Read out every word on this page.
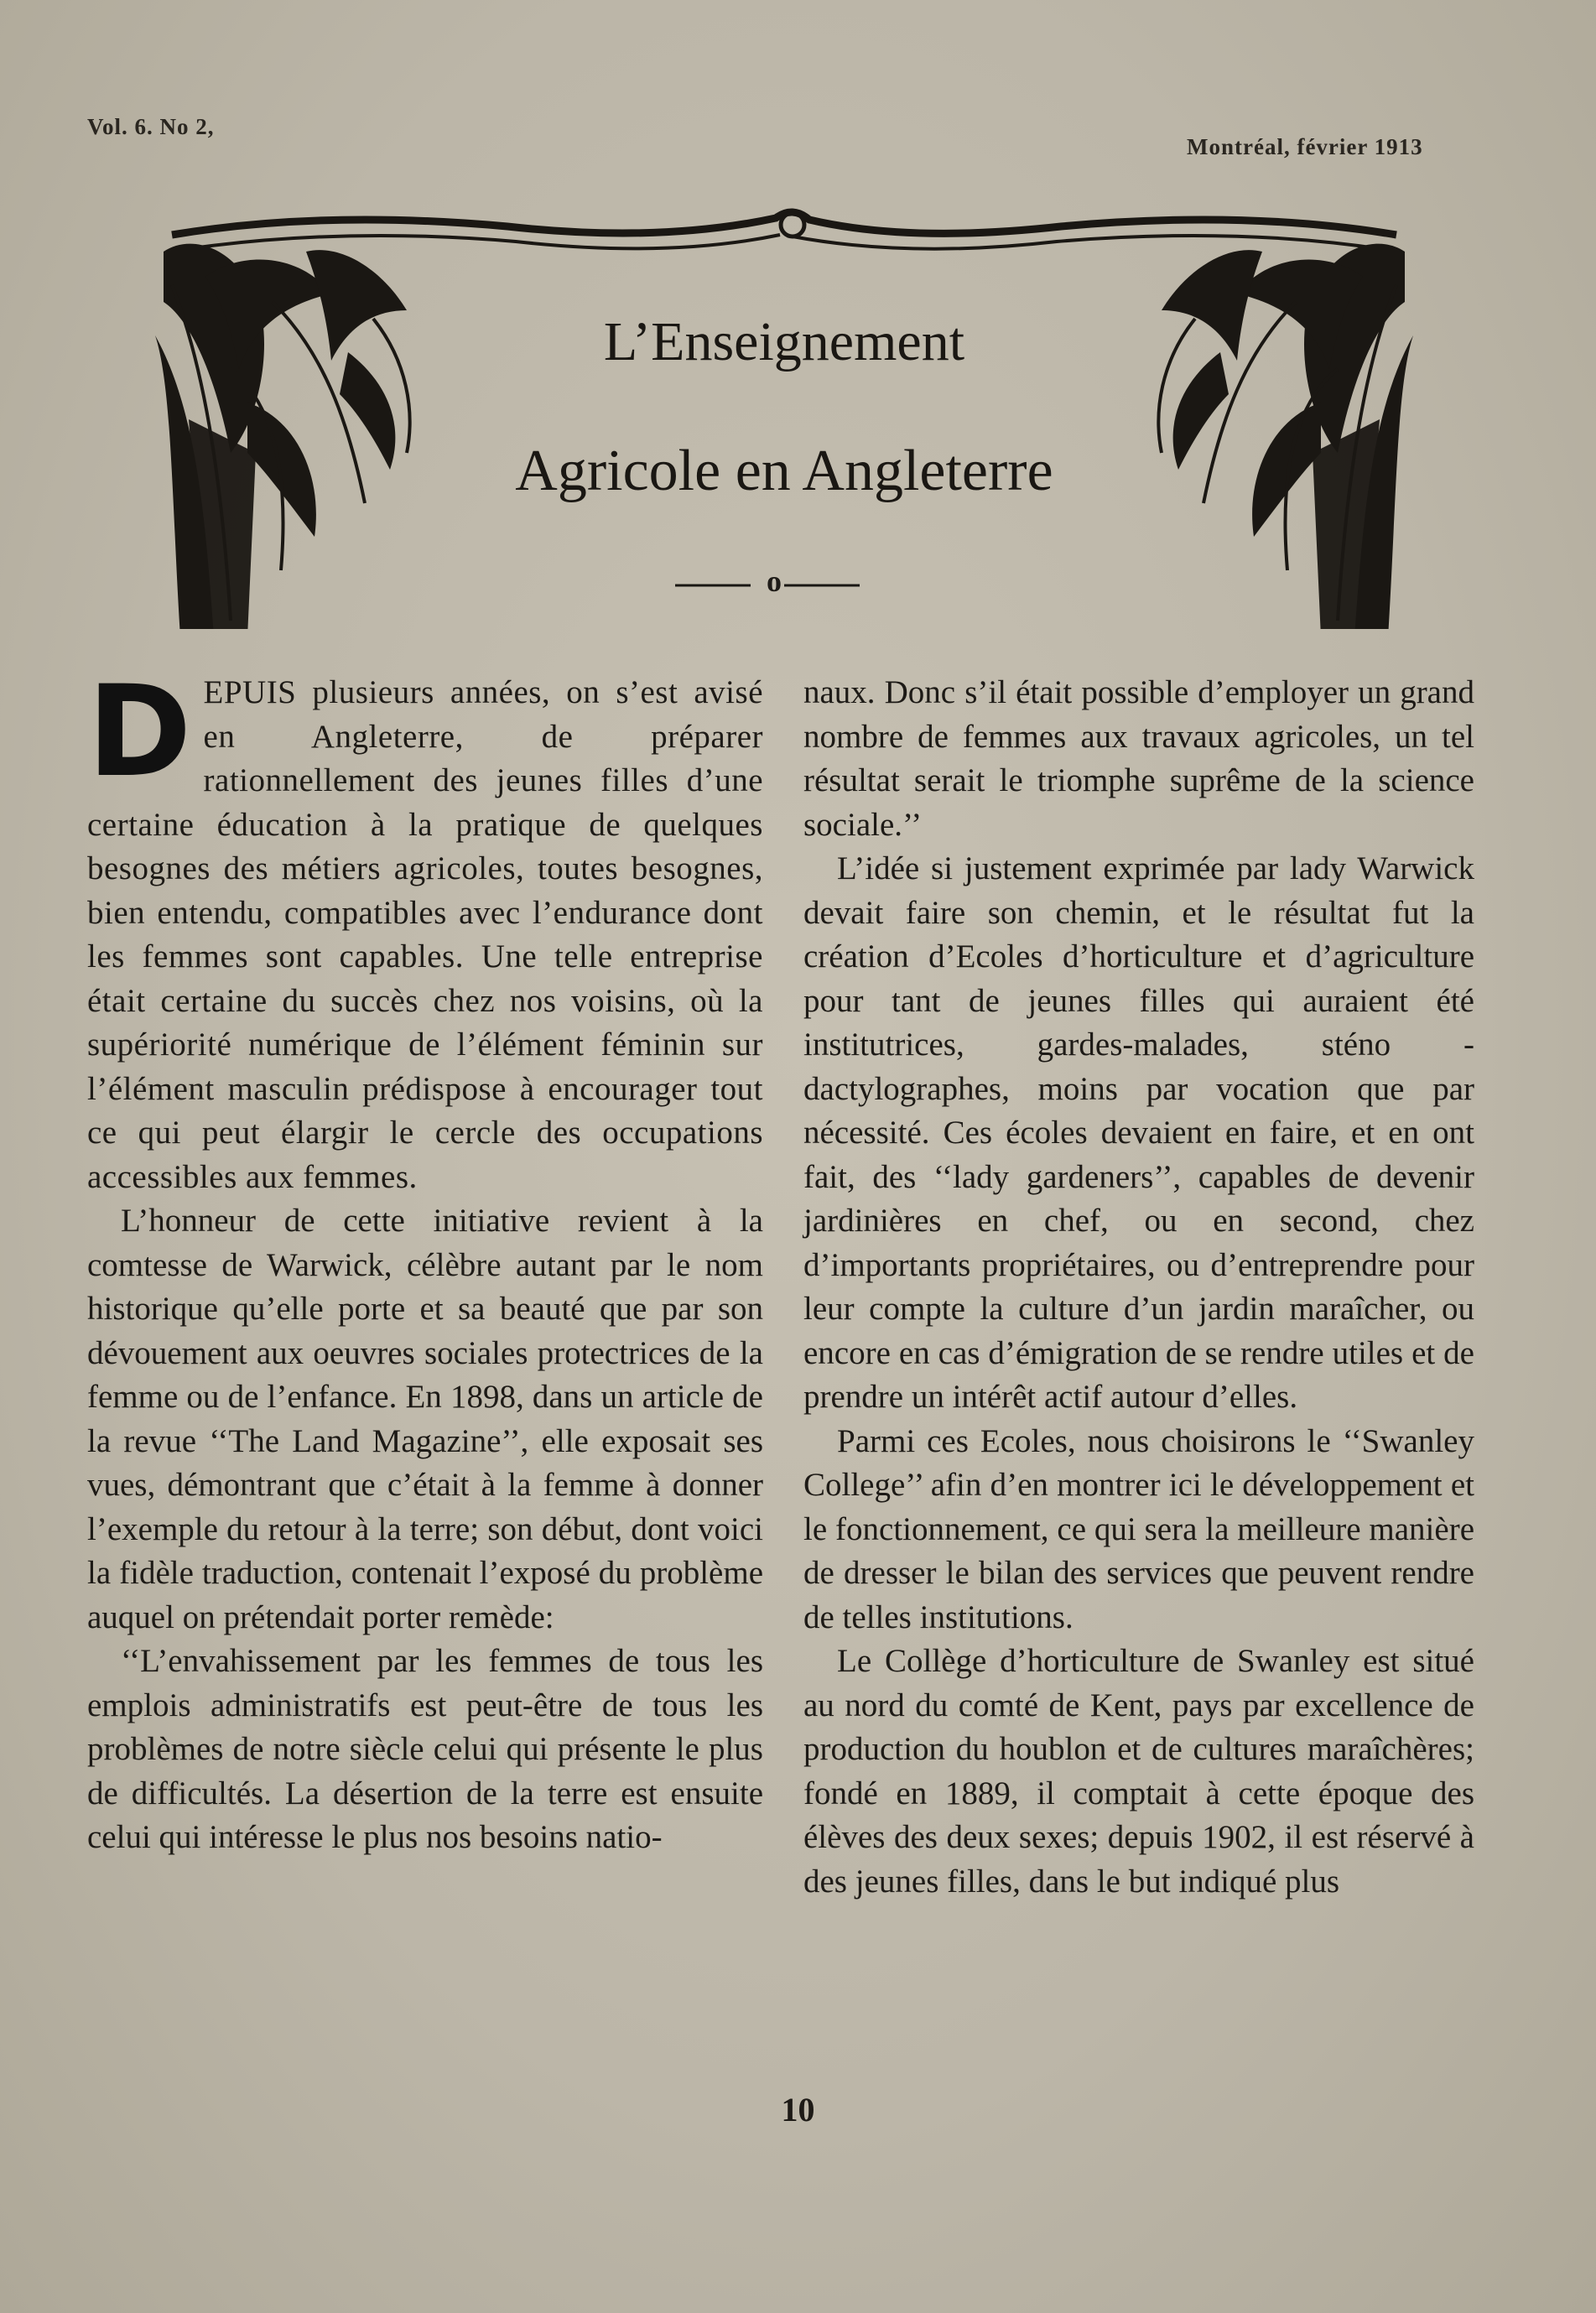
Vol. 6. No 2,
Montréal, février 1913
L’Enseignement
Agricole en Angleterre
o

DEPUIS plusieurs années, on s’est avisé en Angleterre, de préparer rationnellement des jeunes filles d’une certaine éducation à la pratique de quelques besognes des métiers agricoles, toutes besognes, bien entendu, compatibles avec l’endurance dont les femmes sont capables. Une telle entreprise était certaine du succès chez nos voisins, où la supériorité numérique de l’élément féminin sur l’élément masculin prédispose à encourager tout ce qui peut élargir le cercle des occupations accessibles aux femmes.

L’honneur de cette initiative revient à la comtesse de Warwick, célèbre autant par le nom historique qu’elle porte et sa beauté que par son dévouement aux oeuvres sociales protectrices de la femme ou de l’enfance. En 1898, dans un article de la revue ‘‘The Land Magazine’’, elle exposait ses vues, démontrant que c’était à la femme à donner l’exemple du retour à la terre; son début, dont voici la fidèle traduction, contenait l’exposé du problème auquel on prétendait porter remède:

‘‘L’envahissement par les femmes de tous les emplois administratifs est peut-être de tous les problèmes de notre siècle celui qui présente le plus de difficultés. La désertion de la terre est ensuite celui qui intéresse le plus nos besoins natio-

naux. Donc s’il était possible d’employer un grand nombre de femmes aux travaux agricoles, un tel résultat serait le triomphe suprême de la science sociale.’’

L’idée si justement exprimée par lady Warwick devait faire son chemin, et le résultat fut la création d’Ecoles d’horticulture et d’agriculture pour tant de jeunes filles qui auraient été institutrices, gardes-malades, sténo - dactylographes, moins par vocation que par nécessité. Ces écoles devaient en faire, et en ont fait, des ‘‘lady gardeners’’, capables de devenir jardinières en chef, ou en second, chez d’importants propriétaires, ou d’entreprendre pour leur compte la culture d’un jardin maraîcher, ou encore en cas d’émigration de se rendre utiles et de prendre un intérêt actif autour d’elles.

Parmi ces Ecoles, nous choisirons le ‘‘Swanley College’’ afin d’en montrer ici le développement et le fonctionnement, ce qui sera la meilleure manière de dresser le bilan des services que peuvent rendre de telles institutions.

Le Collège d’horticulture de Swanley est situé au nord du comté de Kent, pays par excellence de production du houblon et de cultures maraîchères; fondé en 1889, il comptait à cette époque des élèves des deux sexes; depuis 1902, il est réservé à des jeunes filles, dans le but indiqué plus

10
